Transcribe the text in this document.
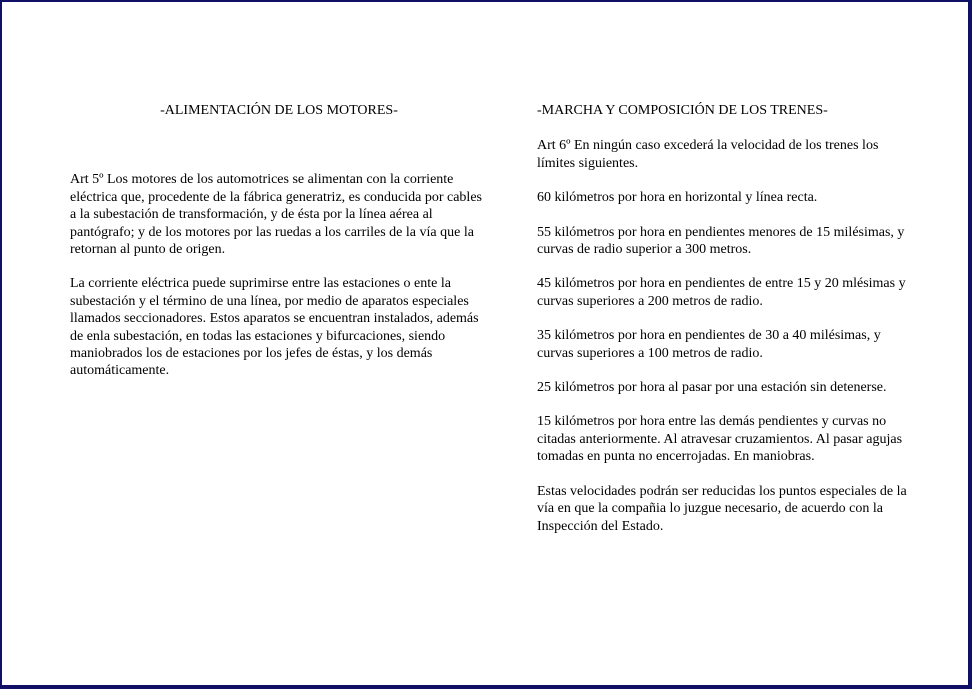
-ALIMENTACIÓN DE LOS MOTORES-

Art 5º Los motores de los automotrices se alimentan con la corriente eléctrica que, procedente de la fábrica generatriz, es conducida por cables a la subestación de transformación, y de ésta por la línea aérea al pantógrafo; y de los motores por las ruedas a los carriles de la vía que la retornan al punto de origen.

La corriente eléctrica puede suprimirse entre las estaciones o ente la subestación y el término de una línea, por medio de aparatos especiales llamados seccionadores. Estos aparatos se encuentran instalados, además de enla subestación, en todas las estaciones y bifurcaciones, siendo maniobrados los de estaciones por los jefes de éstas, y los demás automáticamente.

-MARCHA Y COMPOSICIÓN DE LOS TRENES-

Art 6º En ningún caso excederá la velocidad de los trenes los límites siguientes.

60 kilómetros por hora en horizontal y línea recta.

55 kilómetros por hora en pendientes menores de 15 milésimas, y curvas de radio superior a 300 metros.

45 kilómetros por hora en pendientes de entre 15 y 20 mlésimas y curvas superiores a 200 metros de radio.

35 kilómetros por hora en pendientes de 30 a 40 milésimas, y curvas superiores a 100 metros de radio.

25 kilómetros por hora al pasar por una estación sin detenerse.

15 kilómetros por hora entre las demás pendientes y curvas no citadas anteriormente. Al atravesar cruzamientos. Al pasar agujas tomadas en punta no encerrojadas. En maniobras.

Estas velocidades podrán ser reducidas los puntos especiales de la vía en que la compañia lo juzgue necesario, de acuerdo con la Inspección del Estado.
